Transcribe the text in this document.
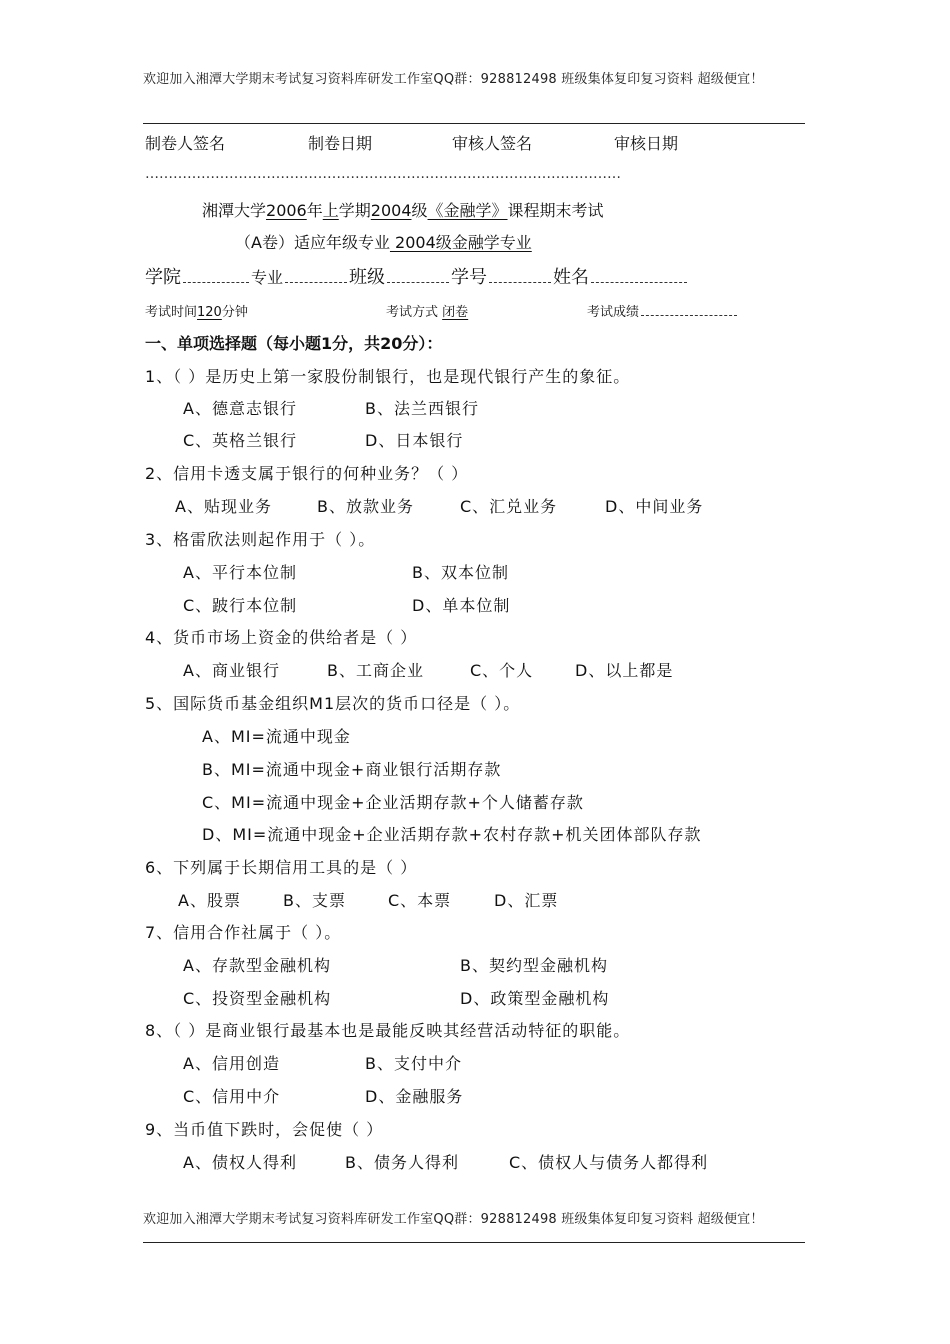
欢迎加入湘潭大学期末考试复习资料库研发工作室QQ群：928812498 班级集体复印复习资料 超级便宜！
制卷人签名	制卷日期	审核人签名	审核日期
…………………………………………………………………………………………
湘潭大学2006年上学期2004级《金融学》课程期末考试
（A卷）适应年级专业 2004级金融学专业
学院	专业	班级	学号	姓名
考试时间120分钟	考试方式 闭卷	考试成绩
一、单项选择题（每小题1分，共20分）：
1、（ ）是历史上第一家股份制银行，也是现代银行产生的象征。
A、德意志银行	B、法兰西银行
C、英格兰银行	D、日本银行
2、信用卡透支属于银行的何种业务？（ ）
A、贴现业务	B、放款业务	C、汇兑业务	D、中间业务
3、格雷欣法则起作用于（ ）。
A、平行本位制	B、双本位制
C、跛行本位制	D、单本位制
4、货币市场上资金的供给者是（ ）
A、商业银行	B、工商企业	C、个人	D、以上都是
5、国际货币基金组织M1层次的货币口径是（ ）。
A、MI=流通中现金
B、MI=流通中现金+商业银行活期存款
C、MI=流通中现金+企业活期存款+个人储蓄存款
D、MI=流通中现金+企业活期存款+农村存款+机关团体部队存款
6、下列属于长期信用工具的是（ ）
A、股票	B、支票	C、本票	D、汇票
7、信用合作社属于（ ）。
A、存款型金融机构	B、契约型金融机构
C、投资型金融机构	D、政策型金融机构
8、（ ）是商业银行最基本也是最能反映其经营活动特征的职能。
A、信用创造	B、支付中介
C、信用中介	D、金融服务
9、当币值下跌时，会促使（ ）
A、债权人得利	B、债务人得利	C、债权人与债务人都得利
欢迎加入湘潭大学期末考试复习资料库研发工作室QQ群：928812498 班级集体复印复习资料 超级便宜！
